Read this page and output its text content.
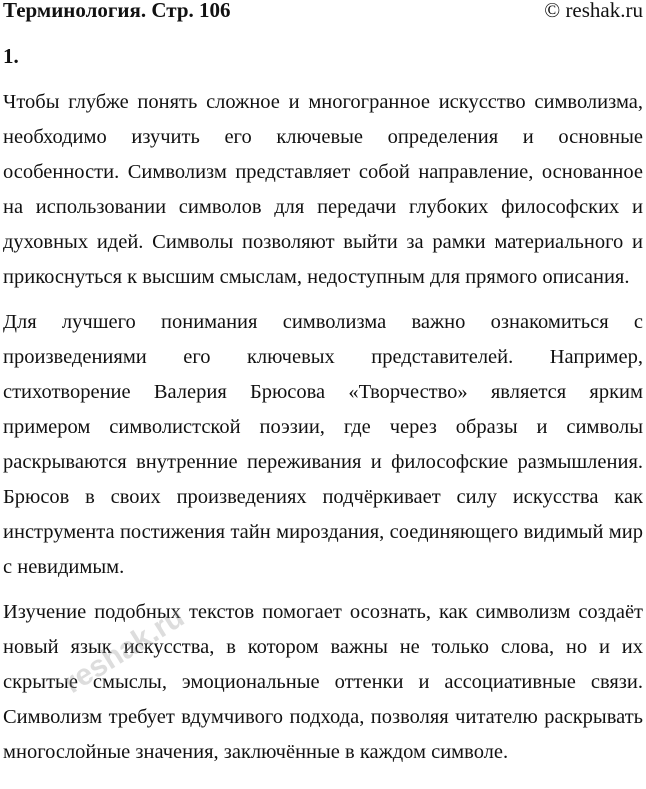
Терминология. Стр. 106	© reshak.ru
1.

Чтобы глубже понять сложное и многогранное искусство символизма, необходимо изучить его ключевые определения и основные особенности. Символизм представляет собой направление, основанное на использовании символов для передачи глубоких философских и духовных идей. Символы позволяют выйти за рамки материального и прикоснуться к высшим смыслам, недоступным для прямого описания.

Для лучшего понимания символизма важно ознакомиться с произведениями его ключевых представителей. Например, стихотворение Валерия Брюсова «Творчество» является ярким примером символистской поэзии, где через образы и символы раскрываются внутренние переживания и философские размышления. Брюсов в своих произведениях подчёркивает силу искусства как инструмента постижения тайн мироздания, соединяющего видимый мир с невидимым.

Изучение подобных текстов помогает осознать, как символизм создаёт новый язык искусства, в котором важны не только слова, но и их скрытые смыслы, эмоциональные оттенки и ассоциативные связи. Символизм требует вдумчивого подхода, позволяя читателю раскрывать многослойные значения, заключённые в каждом символе.

reshak.ru
